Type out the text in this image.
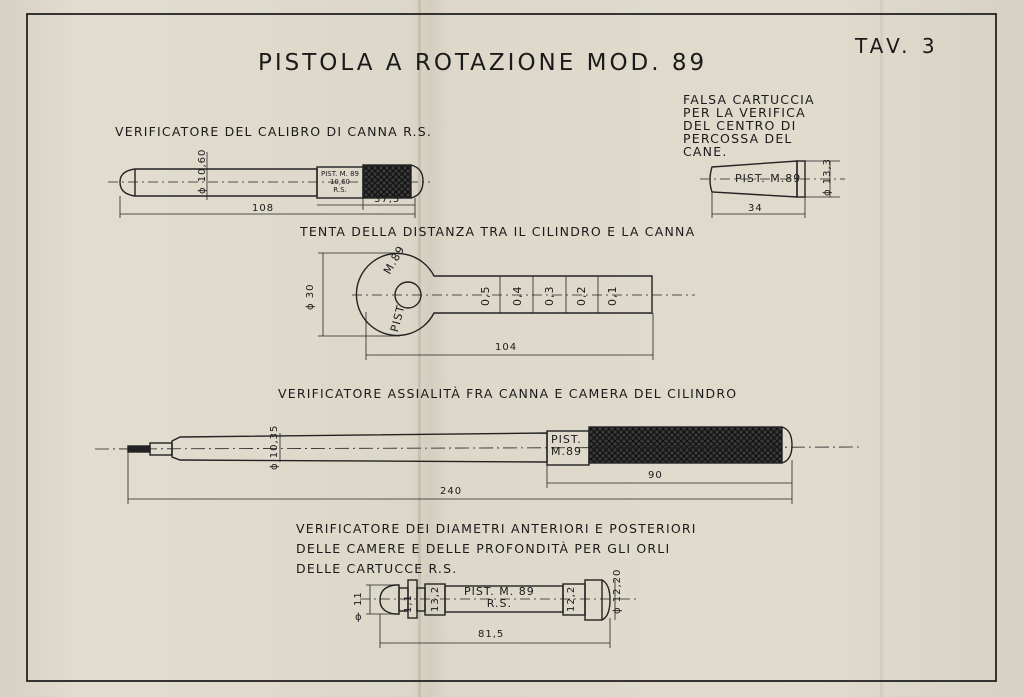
PISTOLA A ROTAZIONE MOD. 89
TAV. 3
VERIFICATORE DEL CALIBRO DI CANNA R.S.
ϕ 10,60	PIST. M. 89
10,60
R.S.
108
37,5
FALSA CARTUCCIA
PER LA VERIFICA
DEL CENTRO DI
PERCOSSA DEL
CANE.
PIST. M.89 ϕ 13,3
34
TENTA DELLA DISTANZA TRA IL CILINDRO E LA CANNA
M.89
PIST
ϕ 30	0,5 0,4 0,3 0,2 0,1
104
VERIFICATORE ASSIALITÀ FRA CANNA E CAMERA DEL CILINDRO
ϕ 10,35	PIST.
M.89
90
240
VERIFICATORE DEI DIAMETRI ANTERIORI E POSTERIORI
DELLE CAMERE E DELLE PROFONDITÀ PER GLI ORLI
DELLE CARTUCCE R.S.
11
ϕ
1,1 13,2 PIST. M. 89
R.S.	12,2	ϕ 12,20
81,5
